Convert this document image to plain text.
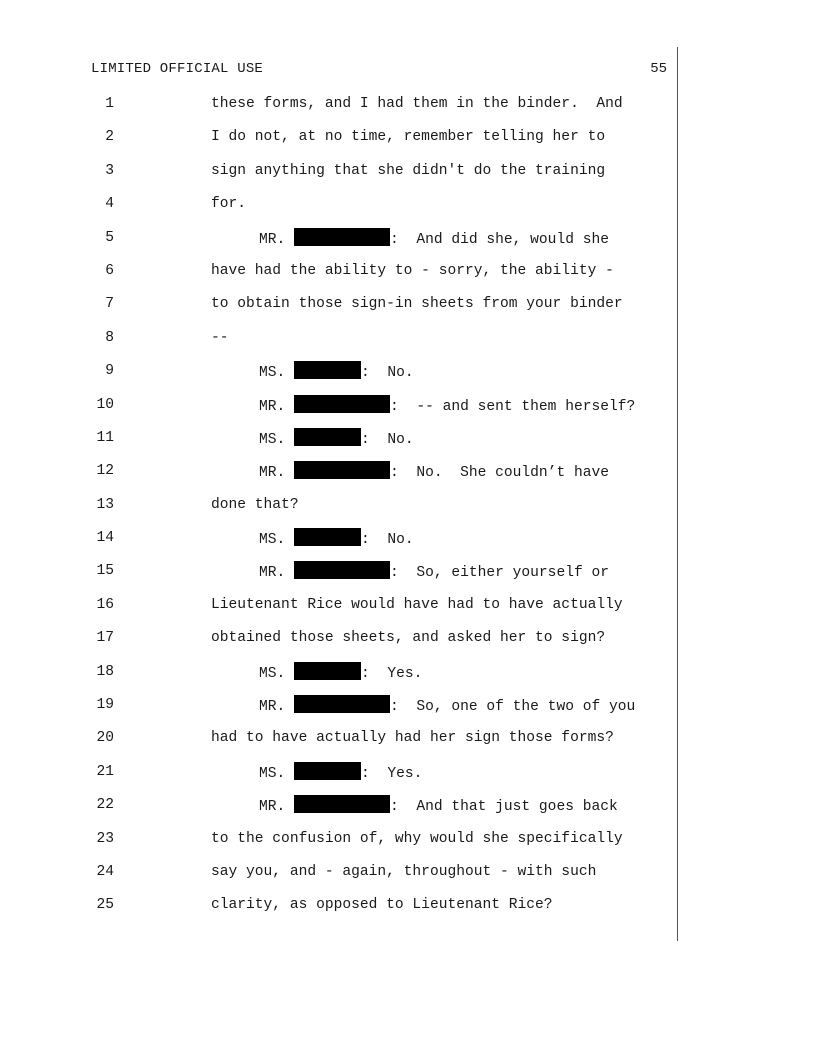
LIMITED OFFICIAL USE	55
1	these forms, and I had them in the binder.  And
2	I do not, at no time, remember telling her to
3	sign anything that she didn't do the training
4	for.
5	MR.	:  And did she, would she
6	have had the ability to - sorry, the ability -
7	to obtain those sign-in sheets from your binder
8	--
9	MS.	:  No.
10	MR.	:  -- and sent them herself?
11	MS.	:  No.
12	MR.	:  No.  She couldn’t have
13	done that?
14	MS.	:  No.
15	MR.	:  So, either yourself or
16	Lieutenant Rice would have had to have actually
17	obtained those sheets, and asked her to sign?
18	MS.	:  Yes.
19	MR.	:  So, one of the two of you
20	had to have actually had her sign those forms?
21	MS.	:  Yes.
22	MR.	:  And that just goes back
23	to the confusion of, why would she specifically
24	say you, and - again, throughout - with such
25	clarity, as opposed to Lieutenant Rice?
